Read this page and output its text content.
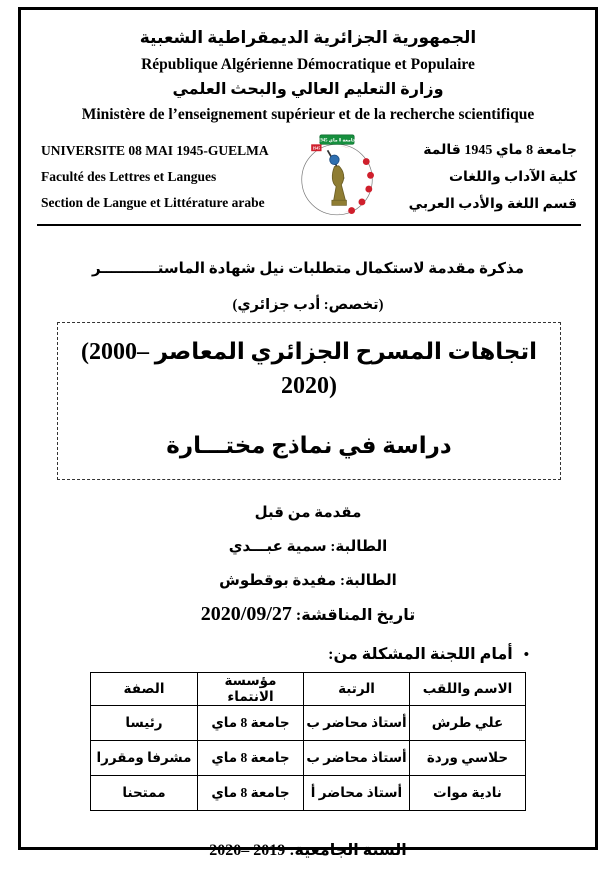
الجمهورية الجزائرية الديمقراطية الشعبية
République Algérienne Démocratique et Populaire
وزارة التعليم العالي والبحث العلمي
Ministère de l’enseignement supérieur et de la recherche scientifique
UNIVERSITE 08 MAI 1945-GUELMA
Faculté des Lettres et Langues
Section de Langue et Littérature arabe
جامعة 8 ماي 1945
1945	جامعة 8 ماي 1945 قالمة
كلية الآداب واللغات
قسم اللغة والأدب العربي
مذكرة مقدمة لاستكمال متطلبات نيل شهادة الماستـــــــــــر
(تخصص: أدب جزائري)
اتجاهات المسرح الجزائري المعاصر (2000–2020)
دراسة في نماذج مختـــارة
مقدمة من قبل
الطالبة: سمية عبـــدي
الطالبة: مفيدة بوقطوش
تاريخ المناقشة: 2020/09/27
• أمام اللجنة المشكلة من:
الاسم واللقب	الرتبة	مؤسسة الانتماء	الصفة
علي طرش	أستاذ محاضر ب	جامعة 8 ماي	رئيسا
حلاسي وردة	أستاذ محاضر ب	جامعة 8 ماي	مشرفا ومقررا
نادية موات	أستاذ محاضر أ	جامعة 8 ماي	ممتحنا
السنة الجامعية: 2019 –2020
